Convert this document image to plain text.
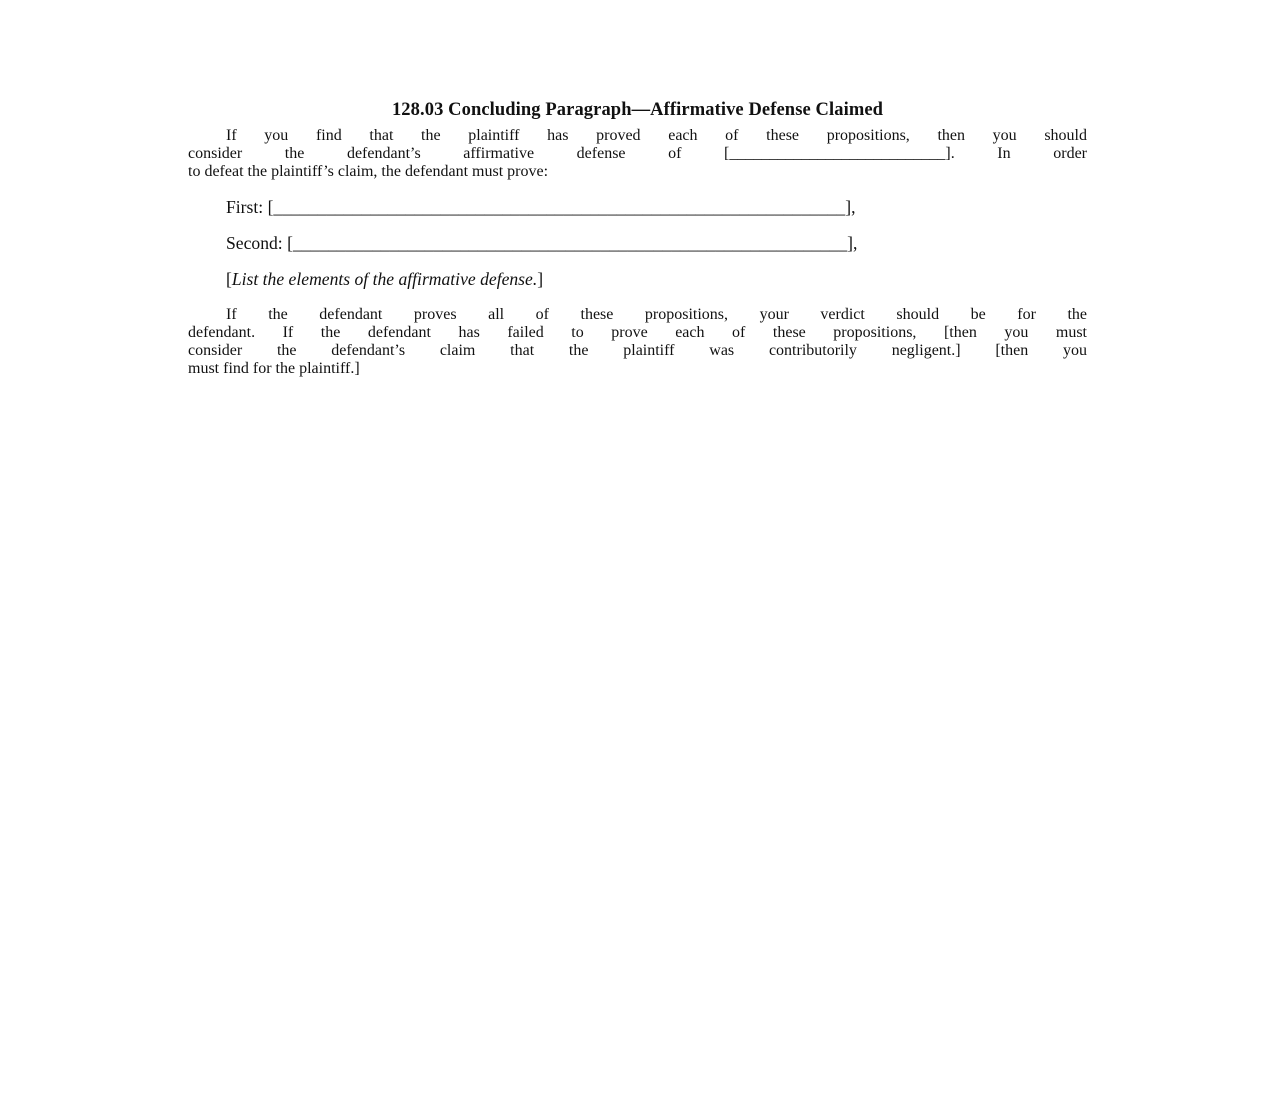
128.03 Concluding Paragraph—Affirmative Defense Claimed
If you find that the plaintiff has proved each of these propositions, then you should
consider the defendant’s affirmative defense of [___________________________]. In order
to defeat the plaintiff’s claim, the defendant must prove:
First: [_________________________________________________________________],
Second: [_______________________________________________________________],
[List the elements of the affirmative defense.]
If the defendant proves all of these propositions, your verdict should be for the
defendant. If the defendant has failed to prove each of these propositions, [then you must
consider the defendant’s claim that the plaintiff was contributorily negligent.] [then you
must find for the plaintiff.]
